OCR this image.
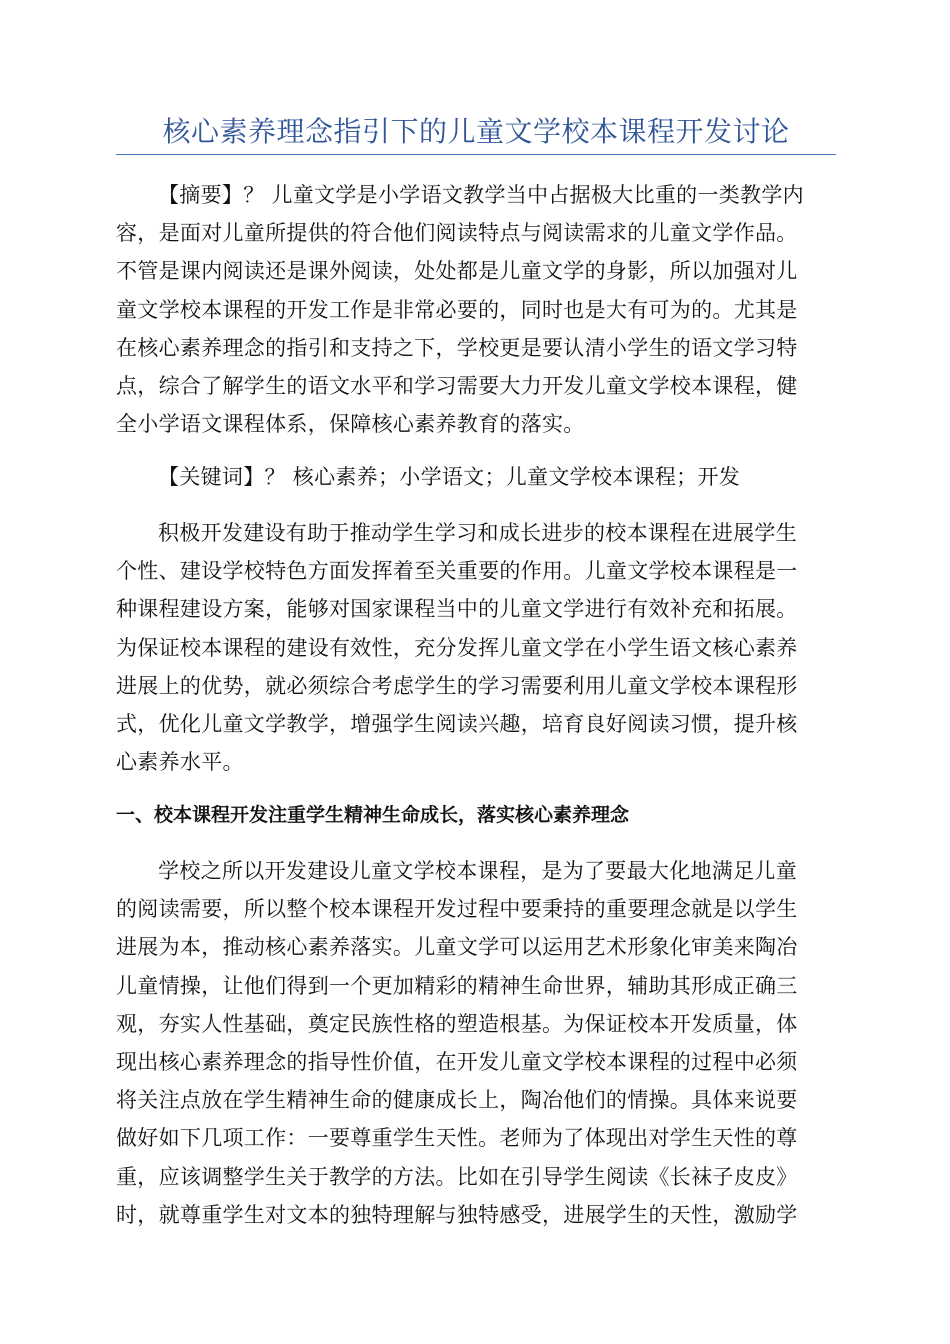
核心素养理念指引下的儿童文学校本课程开发讨论
【摘要】？ 儿童文学是小学语文教学当中占据极大比重的一类教学内
容，是面对儿童所提供的符合他们阅读特点与阅读需求的儿童文学作品。
不管是课内阅读还是课外阅读，处处都是儿童文学的身影，所以加强对儿
童文学校本课程的开发工作是非常必要的，同时也是大有可为的。尤其是
在核心素养理念的指引和支持之下，学校更是要认清小学生的语文学习特
点，综合了解学生的语文水平和学习需要大力开发儿童文学校本课程，健
全小学语文课程体系，保障核心素养教育的落实。
【关键词】？ 核心素养；小学语文；儿童文学校本课程；开发
积极开发建设有助于推动学生学习和成长进步的校本课程在进展学生
个性、建设学校特色方面发挥着至关重要的作用。儿童文学校本课程是一
种课程建设方案，能够对国家课程当中的儿童文学进行有效补充和拓展。
为保证校本课程的建设有效性，充分发挥儿童文学在小学生语文核心素养
进展上的优势，就必须综合考虑学生的学习需要利用儿童文学校本课程形
式，优化儿童文学教学，增强学生阅读兴趣，培育良好阅读习惯，提升核
心素养水平。
一、校本课程开发注重学生精神生命成长，落实核心素养理念
学校之所以开发建设儿童文学校本课程，是为了要最大化地满足儿童
的阅读需要，所以整个校本课程开发过程中要秉持的重要理念就是以学生
进展为本，推动核心素养落实。儿童文学可以运用艺术形象化审美来陶冶
儿童情操，让他们得到一个更加精彩的精神生命世界，辅助其形成正确三
观，夯实人性基础，奠定民族性格的塑造根基。为保证校本开发质量，体
现出核心素养理念的指导性价值，在开发儿童文学校本课程的过程中必须
将关注点放在学生精神生命的健康成长上，陶冶他们的情操。具体来说要
做好如下几项工作：一要尊重学生天性。老师为了体现出对学生天性的尊
重，应该调整学生关于教学的方法。比如在引导学生阅读《长袜子皮皮》
时，就尊重学生对文本的独特理解与独特感受，进展学生的天性，激励学
